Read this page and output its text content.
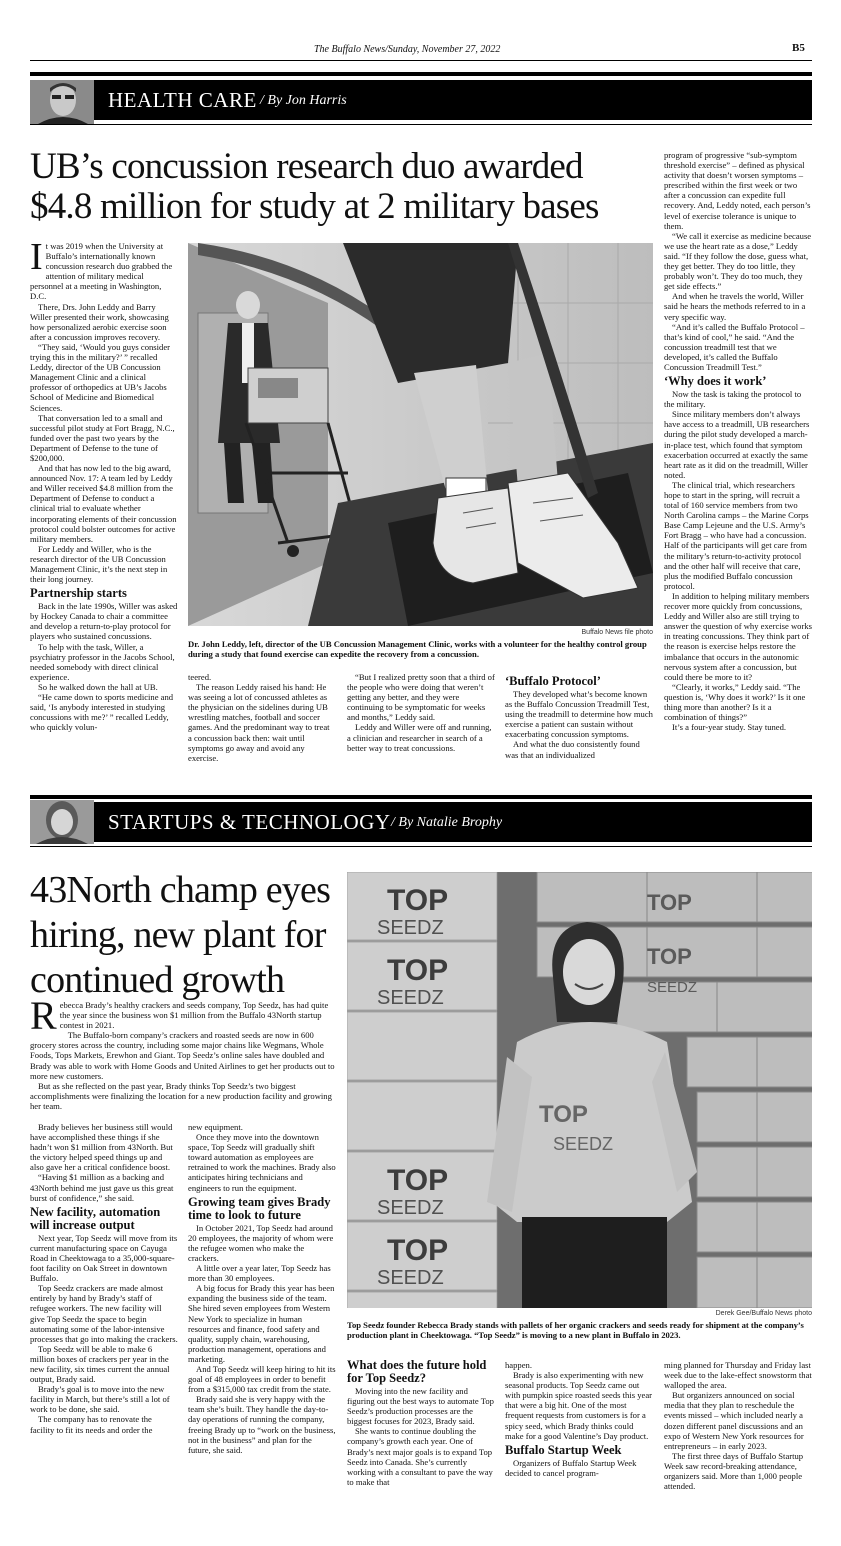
The Buffalo News/Sunday, November 27, 2022	B5
HEALTH CARE / By Jon Harris
UB’s concussion research duo awarded
$4.8 million for study at 2 military bases
Buffalo News file photo
Dr. John Leddy, left, director of the UB Concussion Management Clinic, works with a volunteer for the healthy control group during a study that found exercise can expedite the recovery from a concussion.

It was 2019 when the University at Buffalo’s internationally known concussion research duo grabbed the attention of military medical personnel at a meeting in Washington, D.C.

There, Drs. John Leddy and Barry Willer presented their work, showcasing how personalized aerobic exercise soon after a concussion improves recovery.

“They said, ‘Would you guys consider trying this in the military?’ ” recalled Leddy, director of the UB Concussion Management Clinic and a clinical professor of orthopedics at UB’s Jacobs School of Medicine and Biomedical Sciences.

That conversation led to a small and successful pilot study at Fort Bragg, N.C., funded over the past two years by the Department of Defense to the tune of $200,000.

And that has now led to the big award, announced Nov. 17: A team led by Leddy and Willer received $4.8 million from the Department of Defense to conduct a clinical trial to evaluate whether incorporating elements of their concussion protocol could bolster outcomes for active military members.

For Leddy and Willer, who is the research director of the UB Concussion Management Clinic, it’s the next step in their long journey.

Partnership starts

Back in the late 1990s, Willer was asked by Hockey Canada to chair a committee and develop a return-to-play protocol for players who sustained concussions.

To help with the task, Willer, a psychiatry professor in the Jacobs School, needed somebody with direct clinical experience.

So he walked down the hall at UB.

“He came down to sports medicine and said, ‘Is anybody interested in studying concussions with me?’ ” recalled Leddy, who quickly volun-

teered.

The reason Leddy raised his hand: He was seeing a lot of concussed athletes as the physician on the sidelines during UB wrestling matches, football and soccer games. And the predominant way to treat a concussion back then: wait until symptoms go away and avoid any exercise.

“But I realized pretty soon that a third of the people who were doing that weren’t getting any better, and they were continuing to be symptomatic for weeks and months,” Leddy said.

Leddy and Willer were off and running, a clinician and researcher in search of a better way to treat concussions.

‘Buffalo Protocol’

They developed what’s become known as the Buffalo Concussion Treadmill Test, using the treadmill to determine how much exercise a patient can sustain without exacerbating concussion symptoms.

And what the duo consistently found was that an individualized

program of progressive “sub-symptom threshold exercise” – defined as physical activity that doesn’t worsen symptoms – prescribed within the first week or two after a concussion can expedite full recovery. And, Leddy noted, each person’s level of exercise tolerance is unique to them.

“We call it exercise as medicine because we use the heart rate as a dose,” Leddy said. “If they follow the dose, guess what, they get better. They do too little, they probably won’t. They do too much, they get side effects.”

And when he travels the world, Willer said he hears the methods referred to in a very specific way.

“And it’s called the Buffalo Protocol – that’s kind of cool,” he said. “And the concussion treadmill test that we developed, it’s called the Buffalo Concussion Treadmill Test.”

‘Why does it work’

Now the task is taking the protocol to the military.

Since military members don’t always have access to a treadmill, UB researchers during the pilot study developed a march-in-place test, which found that symptom exacerbation occurred at exactly the same heart rate as it did on the treadmill, Willer noted.

The clinical trial, which researchers hope to start in the spring, will recruit a total of 160 service members from two North Carolina camps – the Marine Corps Base Camp Lejeune and the U.S. Army’s Fort Bragg – who have had a concussion. Half of the participants will get care from the military’s return-to-activity protocol and the other half will receive that care, plus the modified Buffalo concussion protocol.

In addition to helping military members recover more quickly from concussions, Leddy and Willer also are still trying to answer the question of why exercise works in treating concussions. They think part of the reason is exercise helps restore the imbalance that occurs in the autonomic nervous system after a concussion, but could there be more to it?

“Clearly, it works,” Leddy said. “The question is, ‘Why does it work?’ Is it one thing more than another? Is it a combination of things?”

It’s a four-year study. Stay tuned.

STARTUPS & TECHNOLOGY / By Natalie Brophy
43North champ eyes
hiring, new plant for
continued growth

Rebecca Brady’s healthy crackers and seeds company, Top Seedz, has had quite the year since the business won $1 million from the Buffalo 43North startup contest in 2021.

The Buffalo-born company’s crackers and roasted seeds are now in 600 grocery stores across the country, including some major chains like Wegmans, Whole Foods, Tops Markets, Erewhon and Giant. Top Seedz’s online sales have doubled and Brady was able to work with Home Goods and United Airlines to get her products out to more new customers.

But as she reflected on the past year, Brady thinks Top Seedz’s two biggest accomplishments were finalizing the location for a new production facility and growing her team.

TOP
SEEDZ
TOP
SEEDZ
TOP
SEEDZ
TOP
SEEDZ
TOP
TOP
SEEDZ
TOP
SEEDZ
Derek Gee/Buffalo News photo
Top Seedz founder Rebecca Brady stands with pallets of her organic crackers and seeds ready for shipment at the company’s production plant in Cheektowaga. “Top Seedz” is moving to a new plant in Buffalo in 2023.

Brady believes her business still would have accomplished these things if she hadn’t won $1 million from 43North. But the victory helped speed things up and also gave her a critical confidence boost.

“Having $1 million as a backing and 43North behind me just gave us this great burst of confidence,” she said.

New facility, automation will increase output

Next year, Top Seedz will move from its current manufacturing space on Cayuga Road in Cheektowaga to a 35,000-square-foot facility on Oak Street in downtown Buffalo.

Top Seedz crackers are made almost entirely by hand by Brady’s staff of refugee workers. The new facility will give Top Seedz the space to begin automating some of the labor-intensive processes that go into making the crackers.

Top Seedz will be able to make 6 million boxes of crackers per year in the new facility, six times current the annual output, Brady said.

Brady’s goal is to move into the new facility in March, but there’s still a lot of work to be done, she said.

The company has to renovate the facility to fit its needs and order the

new equipment.

Once they move into the downtown space, Top Seedz will gradually shift toward automation as employees are retrained to work the machines. Brady also anticipates hiring technicians and engineers to run the equipment.

Growing team gives Brady time to look to future

In October 2021, Top Seedz had around 20 employees, the majority of whom were the refugee women who make the crackers.

A little over a year later, Top Seedz has more than 30 employees.

A big focus for Brady this year has been expanding the business side of the team. She hired seven employees from Western New York to specialize in human resources and finance, food safety and quality, supply chain, warehousing, production management, operations and marketing.

And Top Seedz will keep hiring to hit its goal of 48 employees in order to benefit from a $315,000 tax credit from the state.

Brady said she is very happy with the team she’s built. They handle the day-to-day operations of running the company, freeing Brady up to “work on the business, not in the business” and plan for the future, she said.

What does the future hold for Top Seedz?

Moving into the new facility and figuring out the best ways to automate Top Seedz’s production processes are the biggest focuses for 2023, Brady said.

She wants to continue doubling the company’s growth each year. One of Brady’s next major goals is to expand Top Seedz into Canada. She’s currently working with a consultant to pave the way to make that

happen.

Brady is also experimenting with new seasonal products. Top Seedz came out with pumpkin spice roasted seeds this year that were a big hit. One of the most frequent requests from customers is for a spicy seed, which Brady thinks could make for a good Valentine’s Day product.

Buffalo Startup Week

Organizers of Buffalo Startup Week decided to cancel program-

ming planned for Thursday and Friday last week due to the lake-effect snowstorm that walloped the area.

But organizers announced on social media that they plan to reschedule the events missed – which included nearly a dozen different panel discussions and an expo of Western New York resources for entrepreneurs – in early 2023.

The first three days of Buffalo Startup Week saw record-breaking attendance, organizers said. More than 1,000 people attended.
